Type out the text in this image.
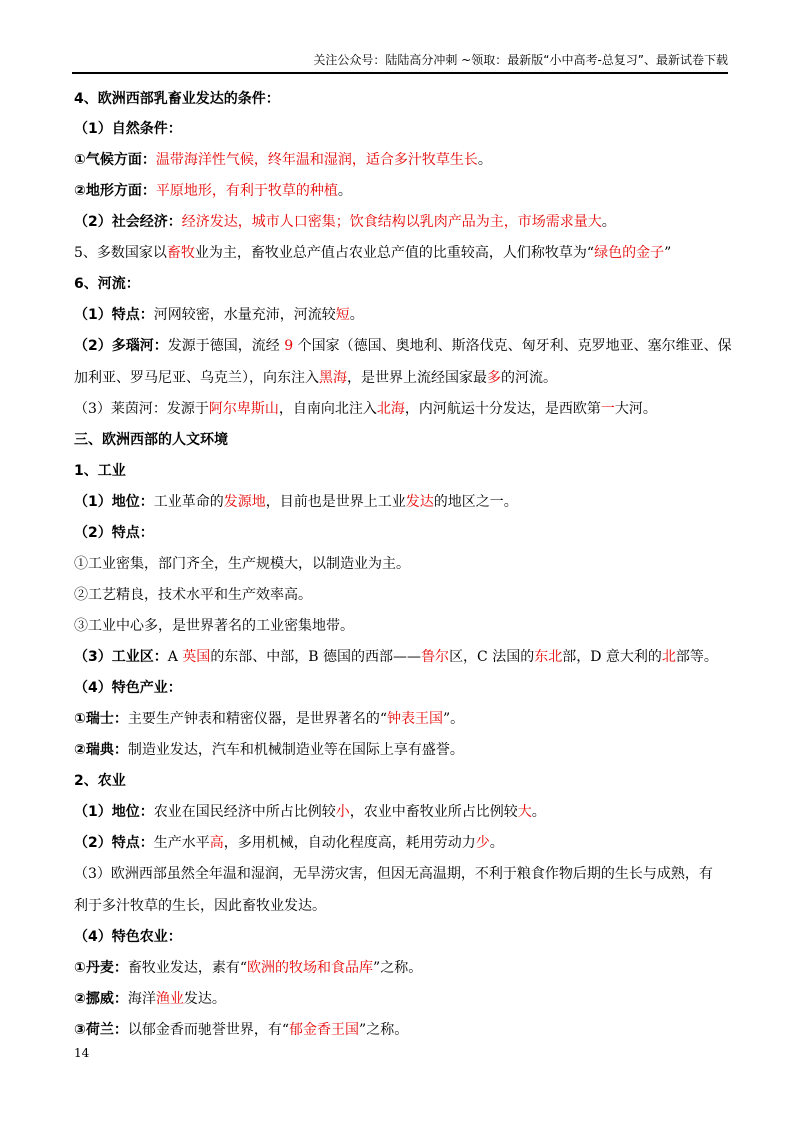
关注公众号：陆陆高分冲刺 ~领取：最新版“小中高考-总复习”、最新试卷下载
4、欧洲西部乳畜业发达的条件：
（1）自然条件：
①气候方面：温带海洋性气候，终年温和湿润，适合多汁牧草生长。
②地形方面：平原地形，有利于牧草的种植。
（2）社会经济：经济发达，城市人口密集；饮食结构以乳肉产品为主，市场需求量大。
5、多数国家以畜牧业为主，畜牧业总产值占农业总产值的比重较高，人们称牧草为“绿色的金子”
6、河流：
（1）特点：河网较密，水量充沛，河流较短。
（2）多瑙河：发源于德国，流经 9 个国家（德国、奥地利、斯洛伐克、匈牙利、克罗地亚、塞尔维亚、保
加利亚、罗马尼亚、乌克兰），向东注入黑海，是世界上流经国家最多的河流。
（3）莱茵河：发源于阿尔卑斯山，自南向北注入北海，内河航运十分发达，是西欧第一大河。
三、欧洲西部的人文环境
1、工业
（1）地位：工业革命的发源地，目前也是世界上工业发达的地区之一。
（2）特点：
①工业密集，部门齐全，生产规模大，以制造业为主。
②工艺精良，技术水平和生产效率高。
③工业中心多，是世界著名的工业密集地带。
（3）工业区：A 英国的东部、中部，B 德国的西部——鲁尔区，C 法国的东北部，D 意大利的北部等。
（4）特色产业：
①瑞士：主要生产钟表和精密仪器，是世界著名的“钟表王国”。
②瑞典：制造业发达，汽车和机械制造业等在国际上享有盛誉。
2、农业
（1）地位：农业在国民经济中所占比例较小，农业中畜牧业所占比例较大。
（2）特点：生产水平高，多用机械，自动化程度高，耗用劳动力少。
（3）欧洲西部虽然全年温和湿润，无旱涝灾害，但因无高温期，不利于粮食作物后期的生长与成熟，有
利于多汁牧草的生长，因此畜牧业发达。
（4）特色农业：
①丹麦：畜牧业发达，素有“欧洲的牧场和食品库”之称。
②挪威：海洋渔业发达。
③荷兰：以郁金香而驰誉世界，有“郁金香王国”之称。
14
